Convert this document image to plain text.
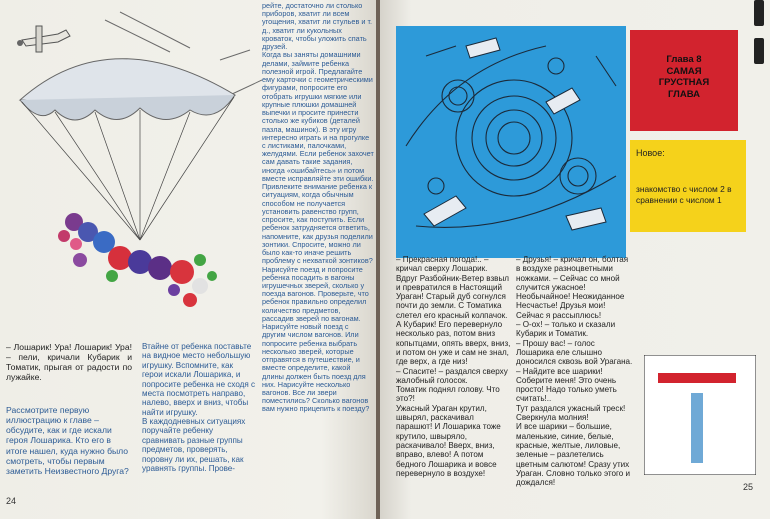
– Лошарик! Ура! Лошарик! Ура! – пели, кричали Кубарик и Томатик, прыгая от радости по лужайке.

Рассмотрите первую иллюстрацию к главе – обсудите, как и где искали героя Лошарика. Кто его в итоге нашел, куда нужно было смотреть, чтобы первым заметить Неизвестного Друга?

рейте, достаточно ли столько приборов, хватит ли всем угощения, хватит ли стульев и т. д., хватит ли кукольных кроваток, чтобы уложить спать друзей.
Когда вы заняты домашними делами, займите ребенка полезной игрой. Предлагайте ему карточки с геометрическими фигурами, попросите его отобрать игрушки мягкие или крупные плюшки домашней выпечки и просите принести столько же кубиков (деталей пазла, машинок). В эту игру интересно играть и на прогулке с листиками, палочками, желудями. Если ребенок захочет сам давать такие задания, иногда «ошибайтесь» и потом вместе исправляйте эти ошибки. Привлеките внимание ребенка к ситуациям, когда обычным способом не получается установить равенство групп, спросите, как поступить. Если ребенок затрудняется ответить, напомните, как друзья поделили зонтики. Спросите, можно ли было как-то иначе решить проблему с нехваткой зонтиков?
Нарисуйте поезд и попросите ребенка посадить в вагоны игрушечных зверей, сколько у поезда вагонов. Проверьте, что ребенок правильно определил количество предметов, рассадив зверей по вагонам. Нарисуйте новый поезд с другим числом вагонов. Или попросите ребенка выбрать несколько зверей, которые отправятся в путешествие, и вместе определите, какой длины должен быть поезд для них. Нарисуйте несколько вагонов. Все ли звери поместились? Сколько вагонов вам нужно прицепить к поезду?

Втайне от ребенка поставьте на видное место небольшую игрушку. Вспомните, как герои искали Лошарика, и попросите ребенка не сходя с места посмотреть направо, налево, вверх и вниз, чтобы найти игрушку.
В каждодневных ситуациях поручайте ребенку сравнивать разные группы предметов, проверять, поровну ли их, решать, как уравнять группы. Прове-

24

Глава 8
САМАЯ
ГРУСТНАЯ
ГЛАВА

Новое:

знакомство с числом 2 в сравнении с числом 1

– Прекрасная погода!.. – кричал сверху Лошарик.
Вдруг Разбойник-Ветер взвыл и превратился в Настоящий Ураган! Старый дуб согнулся почти до земли. С Томатика слетел его красный колпачок.
А Кубарик! Его перевернуло несколько раз, потом вниз копытцами, опять вверх, вниз, и потом он уже и сам не знал, где верх, а где низ!
– Спасите! – раздался сверху жалобный голосок.
Томатик поднял голову. Что это?!
Ужасный Ураган крутил, швырял, раскачивал парашют! И Лошарика тоже крутило, швыряло, раскачивало! Вверх, вниз, вправо, влево! А потом бедного Лошарика и вовсе перевернуло в воздухе!

– Друзья! – кричал он, болтая в воздухе разноцветными ножками. – Сейчас со мной случится ужасное! Необычайное! Неожиданное Несчастье! Друзья мои! Сейчас я рассыплюсь!
– О-ох! – только и сказали Кубарик и Томатик.
– Прошу вас! – голос Лошарика еле слышно доносился сквозь вой Урагана. – Найдите все шарики! Соберите меня! Это очень просто! Надо только уметь считать!..
Тут раздался ужасный треск! Сверкнула молния!
И все шарики – большие, маленькие, синие, белые, красные, желтые, лиловые, зеленые – разлетелись цветным салютом! Сразу утих Ураган. Словно только этого и дождался!	25
